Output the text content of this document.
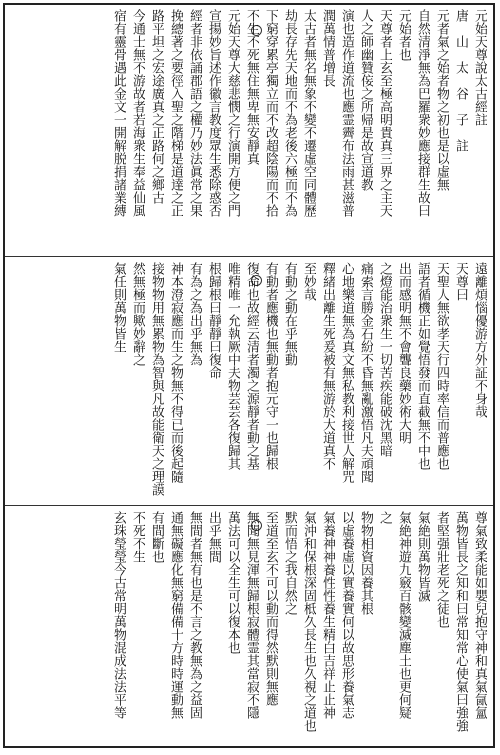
元始天尊說太古經註
唐　山　太　谷　子　註
元者氣之始者物之初也是以虛無
自然清淨無為巴羅衆妙應接群生故曰
元始者也
天尊者上玄至極高明貴真三界之主天
人之師幽贊侫之所帰是故宣道教
演也造作道流也應霊霽布法雨甚滋普
潤萬情普增長
太古者無名無象不變不遷虛空同體歷
劫長存先天地而不為老後六極而不為
下窮穿累亭獨立而不改超陰陽而不拾
不生不死無住無卑無安靜真
元始天尊大慈悲憫之行演開方便之門
宣揚妙旨述作徽言教度眾生悉除惑否
經者非依誦郡語之權乃妙法眞常之果
挽總著之要徑入聖之階梯是道達之正
路平坦之宏途廣真之正路何之鄉古
今通士無不游故者若海衆生奉益仙風
宿有靈骨遇此金文一開解脱捐諸業縛
遠離煩惱優游方外証不身哉
天尊曰
天聖人無欲孝天行四時率信而普應也
語者循機正如覺悟發而直截無不中也
出而感明無不會聾良藥妙術大明
之燈能治衆生一切苦疾能破沈黑暗
痛索言勝金石紛不昏無亂激悟凡夫頑聞
心地樂道無為真文無私教利接世人解咒
釋緒出離生死爰被有無游於大道真不
至妙哉
有動之動在乎無動
有動者應機也無動者抱元守一也歸根
復命也故經云清者濁之源靜者動之基
唯精唯一允執厥中夫物芸芸各復歸其
根歸根曰靜靜曰復命
有為之為出乎無為
神本澄寂應而生之物無不得已而後起隨
接物物用無累物為智與凡故能衛天之理謨
然無極而歟妙辭之
氣任則萬物皆生
尊氣致柔能如嬰兒抱守神和真氣氤氳
萬物皆長之知和曰常知常心使氣曰強強
者堅强壯老死之徒也
氣絶則萬物皆滅
氣絶神遊九竅百骸變滅塵土也更何疑
之
物物相資因養其根
以虛養虛以實養實何以故思形養氣志
氣養神神養性性養生精白吉祥止止神
氣沖和保根深固柢久長生也久視之道也
默而悟之我自然之
至道至玄不可以動而得然默則無應
無聞無見渾無歸根寂體霊其當寂不隱
萬法可以全生可以復本也
出乎無間
無間者無有也是不言之教無為之益固
通無礙應化無窮備備十方時時運動無
有間斷也
不死不生
玄珠瑩瑩今古常明萬物混成法法平等
